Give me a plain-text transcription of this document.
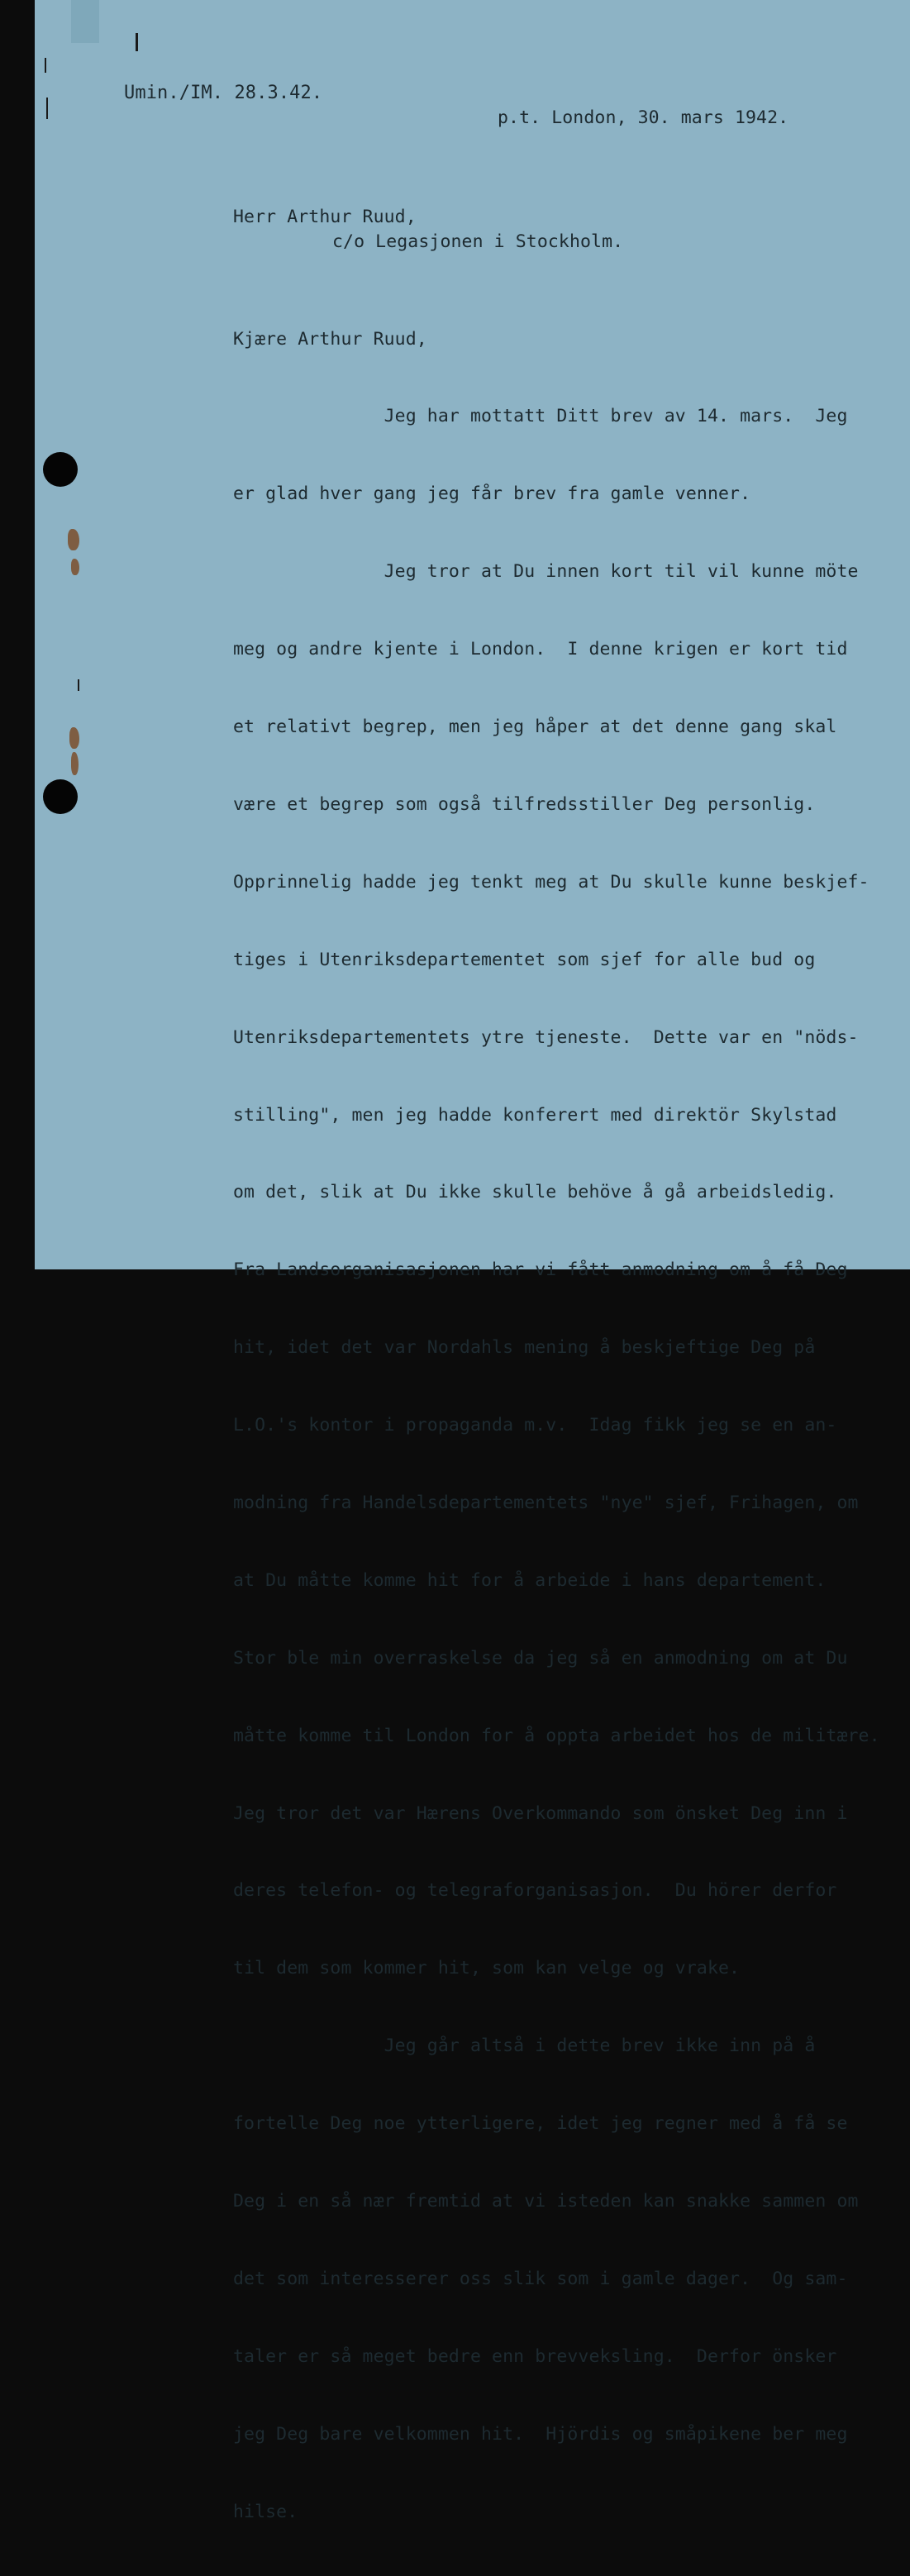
Umin./IM. 28.3.42.

p.t. London, 30. mars 1942.

Herr Arthur Ruud,

c/o Legasjonen i Stockholm.

Kjære Arthur Ruud,

Jeg har mottatt Ditt brev av 14. mars.  Jeg

er glad hver gang jeg får brev fra gamle venner.

Jeg tror at Du innen kort til vil kunne möte

meg og andre kjente i London.  I denne krigen er kort tid

et relativt begrep, men jeg håper at det denne gang skal

være et begrep som også tilfredsstiller Deg personlig.

Opprinnelig hadde jeg tenkt meg at Du skulle kunne beskjef-

tiges i Utenriksdepartementet som sjef for alle bud og

Utenriksdepartementets ytre tjeneste.  Dette var en "nöds-

stilling", men jeg hadde konferert med direktör Skylstad

om det, slik at Du ikke skulle behöve å gå arbeidsledig.

Fra Landsorganisasjonen har vi fått anmodning om å få Deg

hit, idet det var Nordahls mening å beskjeftige Deg på

L.O.'s kontor i propaganda m.v.  Idag fikk jeg se en an-

modning fra Handelsdepartementets "nye" sjef, Frihagen, om

at Du måtte komme hit for å arbeide i hans departement.

Stor ble min overraskelse da jeg så en anmodning om at Du

måtte komme til London for å oppta arbeidet hos de militære.

Jeg tror det var Hærens Overkommando som önsket Deg inn i

deres telefon- og telegraforganisasjon.  Du hörer derfor

til dem som kommer hit, som kan velge og vrake.

Jeg går altså i dette brev ikke inn på å

fortelle Deg noe ytterligere, idet jeg regner med å få se

Deg i en så nær fremtid at vi isteden kan snakke sammen om

det som interesserer oss slik som i gamle dager.  Og sam-

taler er så meget bedre enn brevveksling.  Derfor önsker

jeg Deg bare velkommen hit.  Hjördis og småpikene ber meg

hilse.
